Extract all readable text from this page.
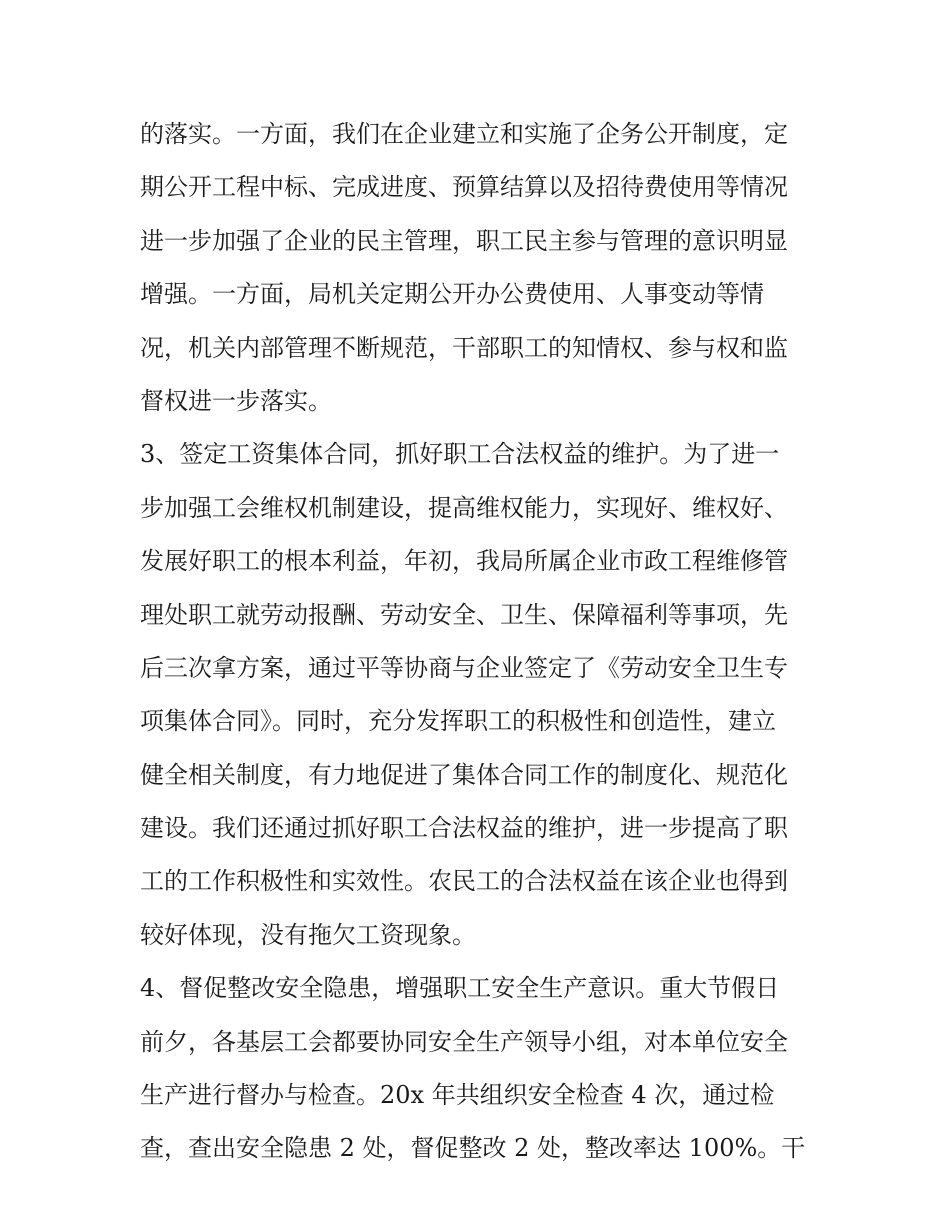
的落实。一方面，我们在企业建立和实施了企务公开制度，定
期公开工程中标、完成进度、预算结算以及招待费使用等情况
进一步加强了企业的民主管理，职工民主参与管理的意识明显
增强。一方面，局机关定期公开办公费使用、人事变动等情
况，机关内部管理不断规范，干部职工的知情权、参与权和监
督权进一步落实。
3、签定工资集体合同，抓好职工合法权益的维护。为了进一
步加强工会维权机制建设，提高维权能力，实现好、维权好、
发展好职工的根本利益，年初，我局所属企业市政工程维修管
理处职工就劳动报酬、劳动安全、卫生、保障福利等事项，先
后三次拿方案，通过平等协商与企业签定了《劳动安全卫生专
项集体合同》。同时，充分发挥职工的积极性和创造性，建立
健全相关制度，有力地促进了集体合同工作的制度化、规范化
建设。我们还通过抓好职工合法权益的维护，进一步提高了职
工的工作积极性和实效性。农民工的合法权益在该企业也得到
较好体现，没有拖欠工资现象。
4、督促整改安全隐患，增强职工安全生产意识。重大节假日
前夕，各基层工会都要协同安全生产领导小组，对本单位安全
生产进行督办与检查。20x 年共组织安全检查 4 次，通过检
查，查出安全隐患 2 处，督促整改 2 处，整改率达 100%。干
